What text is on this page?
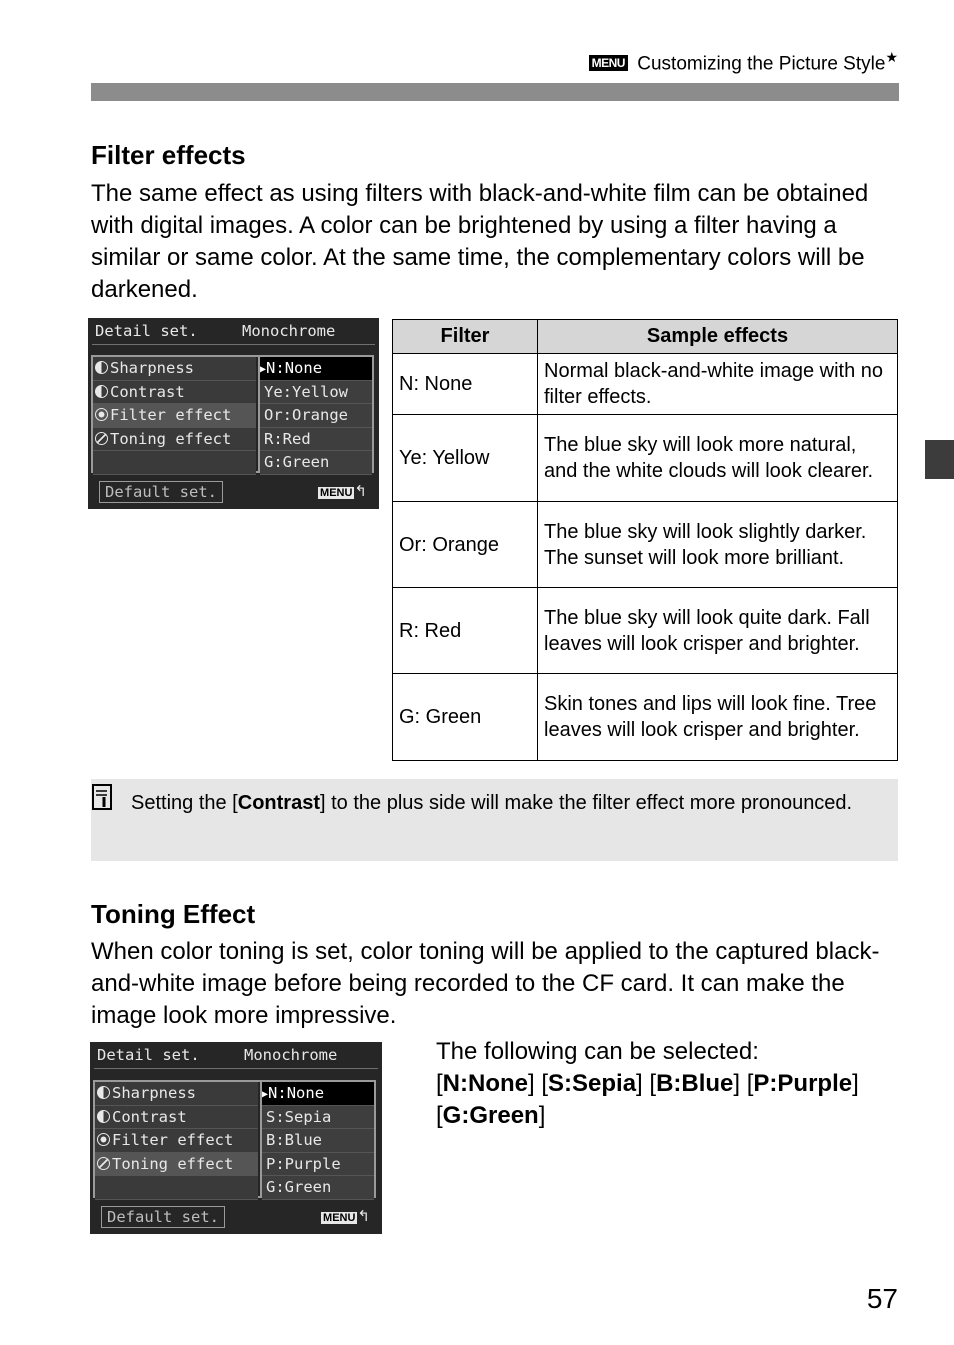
MENU Customizing the Picture Style★
Filter effects

The same effect as using filters with black-and-white film can be obtained with digital images. A color can be brightened by using a filter having a similar or same color. At the same time, the complementary colors will be darkened.

Detail set.	Monochrome
Sharpness
Contrast
Filter effect
Toning effect
▶N:None
Ye:Yellow
Or:Orange
R:Red
G:Green
Default set.	MENU ↰
Filter	Sample effects
N: None	Normal black-and-white image with no filter effects.
Ye: Yellow	The blue sky will look more natural, and the white clouds will look clearer.
Or: Orange	The blue sky will look slightly darker. The sunset will look more brilliant.
R: Red	The blue sky will look quite dark. Fall leaves will look crisper and brighter.
G: Green	Skin tones and lips will look fine. Tree leaves will look crisper and brighter.

Setting the [Contrast] to the plus side will make the filter effect more pronounced.

Toning Effect

When color toning is set, color toning will be applied to the captured black-and-white image before being recorded to the CF card. It can make the image look more impressive.

Detail set.	Monochrome
Sharpness
Contrast
Filter effect
Toning effect
▶N:None
S:Sepia
B:Blue
P:Purple
G:Green
Default set.	MENU ↰
The following can be selected:
[N:None] [S:Sepia] [B:Blue] [P:Purple]
[G:Green]
57
